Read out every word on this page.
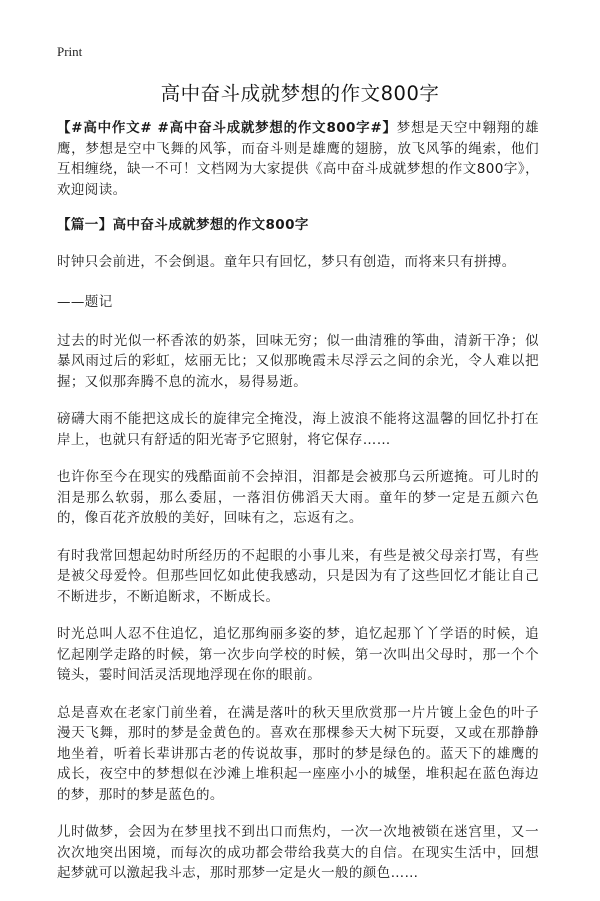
Print
高中奋斗成就梦想的作文800字

【#高中作文# #高中奋斗成就梦想的作文800字#】梦想是天空中翱翔的雄鹰，梦想是空中飞舞的风筝，而奋斗则是雄鹰的翅膀，放飞风筝的绳索，他们互相缠绕，缺一不可！文档网为大家提供《高中奋斗成就梦想的作文800字》，欢迎阅读。

【篇一】高中奋斗成就梦想的作文800字

时钟只会前进，不会倒退。童年只有回忆，梦只有创造，而将来只有拼搏。

——题记

过去的时光似一杯香浓的奶茶，回味无穷；似一曲清雅的筝曲，清新干净；似暴风雨过后的彩虹，炫丽无比；又似那晚霞未尽浮云之间的余光，令人难以把握；又似那奔腾不息的流水，易得易逝。

磅礴大雨不能把这成长的旋律完全掩没，海上波浪不能将这温馨的回忆扑打在岸上，也就只有舒适的阳光寄予它照射，将它保存……

也许你至今在现实的残酷面前不会掉泪，泪都是会被那乌云所遮掩。可儿时的泪是那么软弱，那么委屈，一落泪仿佛滔天大雨。童年的梦一定是五颜六色的，像百花齐放般的美好，回味有之，忘返有之。

有时我常回想起幼时所经历的不起眼的小事儿来，有些是被父母亲打骂，有些是被父母爱怜。但那些回忆如此使我感动，只是因为有了这些回忆才能让自己不断进步，不断追断求，不断成长。

时光总叫人忍不住追忆，追忆那绚丽多姿的梦，追忆起那丫丫学语的时候，追忆起刚学走路的时候，第一次步向学校的时候，第一次叫出父母时，那一个个镜头，霎时间活灵活现地浮现在你的眼前。

总是喜欢在老家门前坐着，在满是落叶的秋天里欣赏那一片片镀上金色的叶子漫天飞舞，那时的梦是金黄色的。喜欢在那棵参天大树下玩耍，又或在那静静地坐着，听着长辈讲那古老的传说故事，那时的梦是绿色的。蓝天下的雄鹰的成长，夜空中的梦想似在沙滩上堆积起一座座小小的城堡，堆积起在蓝色海边的梦，那时的梦是蓝色的。

儿时做梦，会因为在梦里找不到出口而焦灼，一次一次地被锁在迷宫里，又一次次地突出困境，而每次的成功都会带给我莫大的自信。在现实生活中，回想起梦就可以激起我斗志，那时那梦一定是火一般的颜色……
